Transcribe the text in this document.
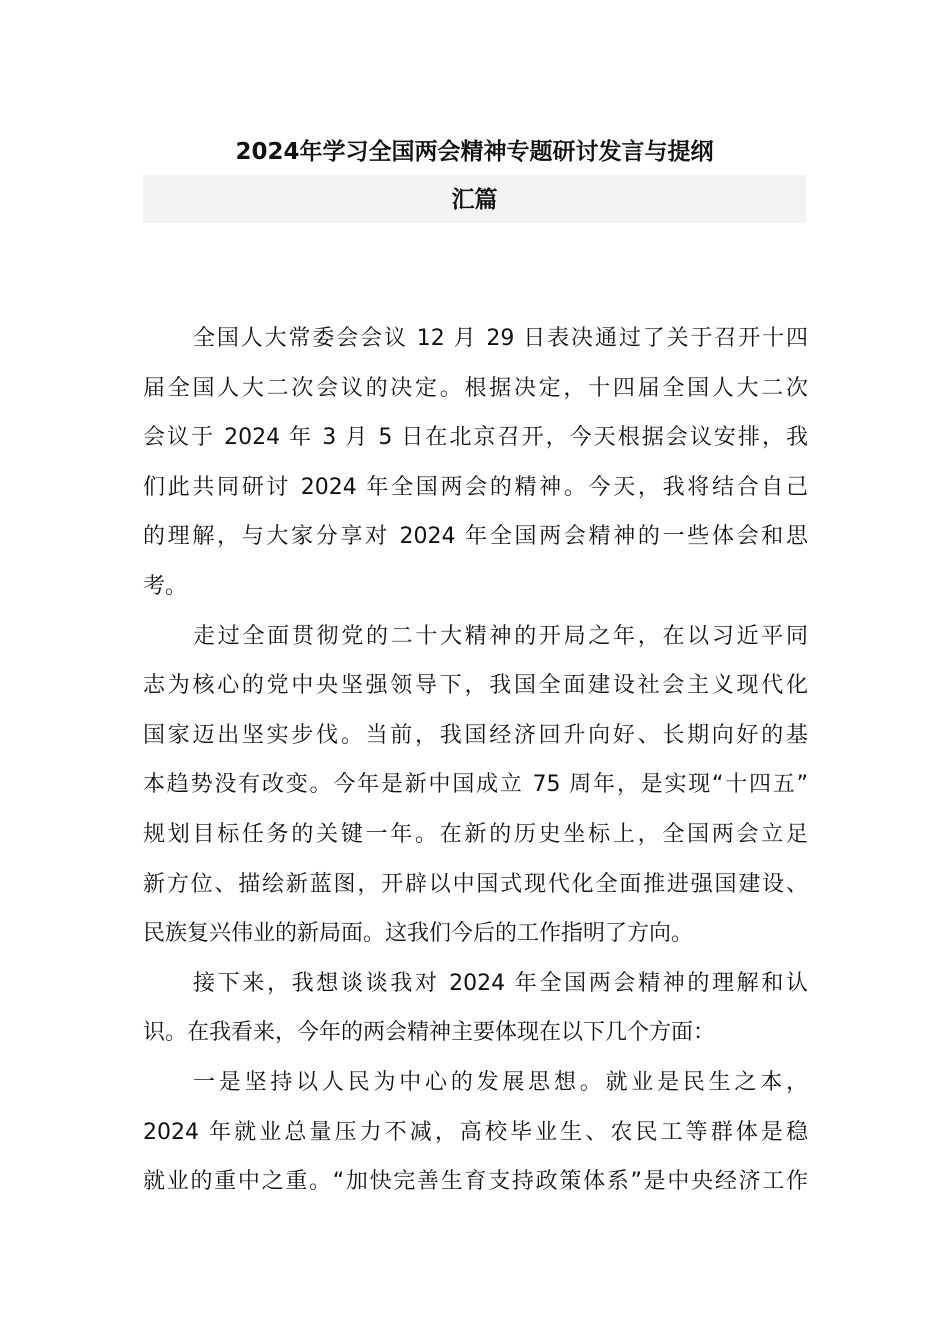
2024年学习全国两会精神专题研讨发言与提纲
汇篇
全国人大常委会会议 12 月 29 日表决通过了关于召开十四
届全国人大二次会议的决定。根据决定，十四届全国人大二次
会议于 2024 年 3 月 5 日在北京召开，今天根据会议安排，我
们此共同研讨 2024 年全国两会的精神。今天，我将结合自己
的理解，与大家分享对 2024 年全国两会精神的一些体会和思
考。
走过全面贯彻党的二十大精神的开局之年，在以习近平同
志为核心的党中央坚强领导下，我国全面建设社会主义现代化
国家迈出坚实步伐。当前，我国经济回升向好、长期向好的基
本趋势没有改变。今年是新中国成立 75 周年，是实现“十四五”
规划目标任务的关键一年。在新的历史坐标上，全国两会立足
新方位、描绘新蓝图，开辟以中国式现代化全面推进强国建设、
民族复兴伟业的新局面。这我们今后的工作指明了方向。
接下来，我想谈谈我对 2024 年全国两会精神的理解和认
识。在我看来，今年的两会精神主要体现在以下几个方面：
一是坚持以人民为中心的发展思想。就业是民生之本，
2024 年就业总量压力不减，高校毕业生、农民工等群体是稳
就业的重中之重。“加快完善生育支持政策体系”是中央经济工作
